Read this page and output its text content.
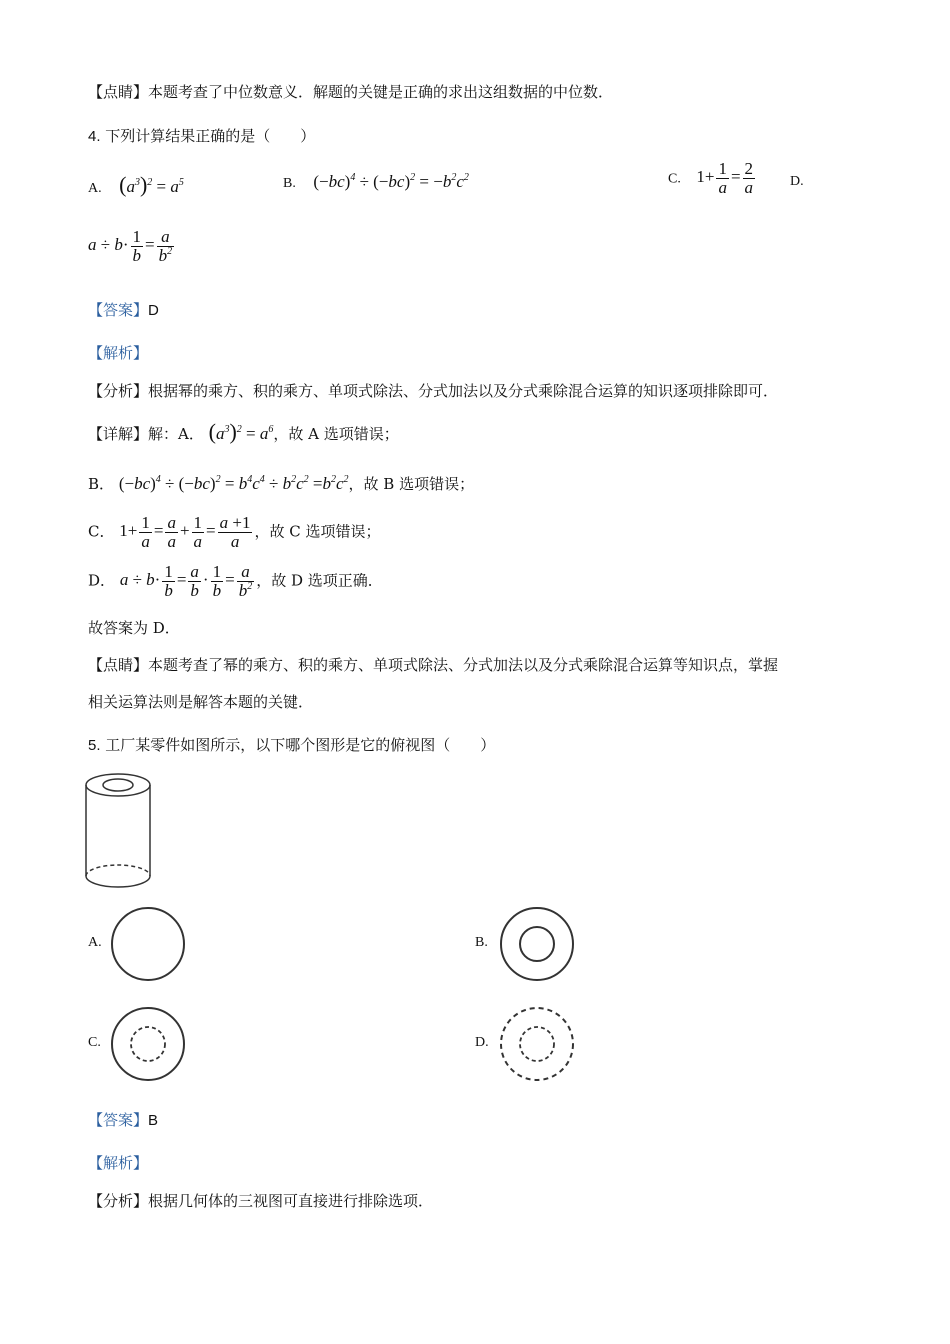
【点睛】本题考查了中位数意义．解题的关键是正确的求出这组数据的中位数．
4. 下列计算结果正确的是（　　）
A. $(a^3)^2 = a^5$	B. $(-bc)^4 \div (-bc)^2 = -b^2c^2$	C. $1+ \frac{1}{a} = \frac{2}{a} D$.
$a \div b\cdot \frac{1}{b} = \frac{a}{b^2}$
【答案】D
【解析】
【分析】根据幂的乘方、积的乘方、单项式除法、分式加法以及分式乘除混合运算的知识逐项排除即可．
【详解】解：A． $(a^3)^2 = a^6$，故 A 选项错误；
B． $(-bc)^4 \div (-bc)^2 = b^4c^4 \div b^2c^2 =b^2c^2$，故 B 选项错误；
C． $1+ \frac{1}{a} = \frac{a}{a} + \frac{1}{a} = \frac{a +1}{a}$ ，故 C 选项错误；
D． $a \div b\cdot \frac{1}{b} = \frac{a}{b} \cdot \frac{1}{b} = \frac{a}{b^2}$ ，故 D 选项正确．
故答案为 D．
【点睛】本题考查了幂的乘方、积的乘方、单项式除法、分式加法以及分式乘除混合运算等知识点，掌握
相关运算法则是解答本题的关键．
5. 工厂某零件如图所示，以下哪个图形是它的俯视图（　　）
A.	B.
C.	D.
【答案】B
【解析】
【分析】根据几何体的三视图可直接进行排除选项．
